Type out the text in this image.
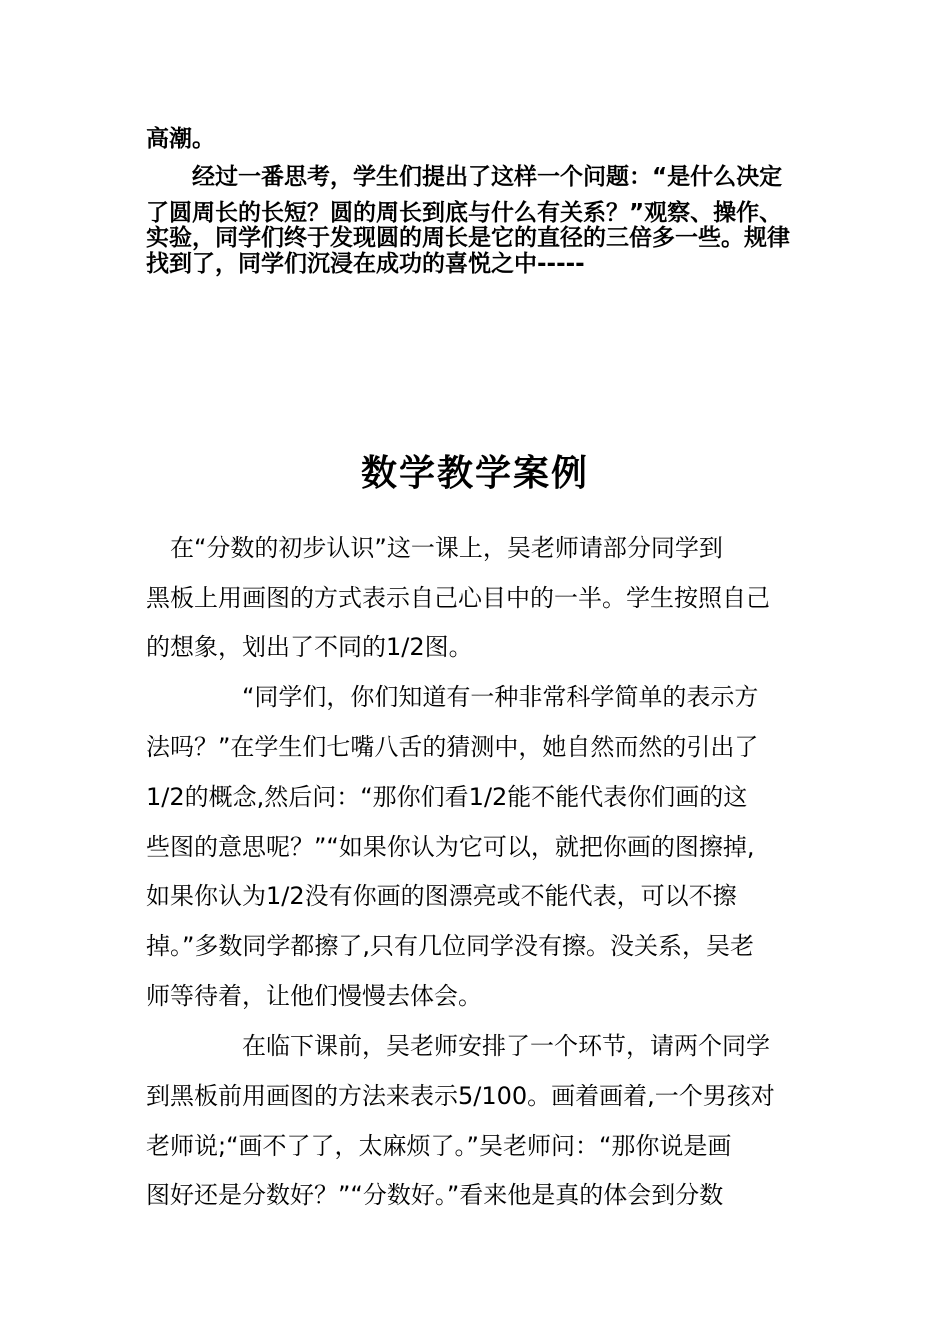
高潮。

　　经过一番思考，学生们提出了这样一个问题：“是什么决定

了圆周长的长短？圆的周长到底与什么有关系？”观察、操作、

实验，同学们终于发现圆的周长是它的直径的三倍多一些。规律

找到了，同学们沉浸在成功的喜悦之中-----

数学教学案例

　在“分数的初步认识”这一课上，吴老师请部分同学到

黑板上用画图的方式表示自己心目中的一半。学生按照自己

的想象，划出了不同的1/2图。

　　　　“同学们，你们知道有一种非常科学简单的表示方

法吗？”在学生们七嘴八舌的猜测中，她自然而然的引出了

1/2的概念,然后问：“那你们看1/2能不能代表你们画的这

些图的意思呢？”“如果你认为它可以，就把你画的图擦掉,

如果你认为1/2没有你画的图漂亮或不能代表，可以不擦

掉。”多数同学都擦了,只有几位同学没有擦。没关系，吴老

师等待着，让他们慢慢去体会。

　　　　在临下课前，吴老师安排了一个环节，请两个同学

到黑板前用画图的方法来表示5/100。画着画着,一个男孩对

老师说;“画不了了，太麻烦了。”吴老师问：“那你说是画

图好还是分数好？”“分数好。”看来他是真的体会到分数
